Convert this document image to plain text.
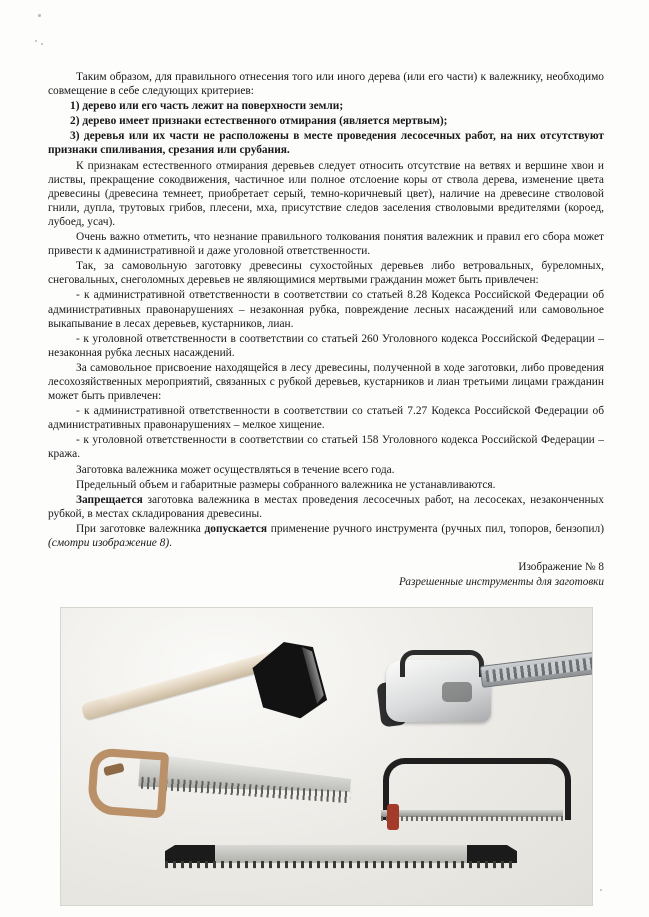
Таким образом, для правильного отнесения того или иного дерева (или его части) к валежнику, необходимо совмещение в себе следующих критериев:

1) дерево или его часть лежит на поверхности земли;

2) дерево имеет признаки естественного отмирания (является мертвым);

3) деревья или их части не расположены в месте проведения лесосечных работ, на них отсутствуют признаки спиливания, срезания или срубания.

К признакам естественного отмирания деревьев следует относить отсутствие на ветвях и вершине хвои и листвы, прекращение сокодвижения, частичное или полное отслоение коры от ствола дерева, изменение цвета древесины (древесина темнеет, приобретает серый, темно-коричневый цвет), наличие на древесине стволовой гнили, дупла, трутовых грибов, плесени, мха, присутствие следов заселения стволовыми вредителями (короед, лубоед, усач).

Очень важно отметить, что незнание правильного толкования понятия валежник и правил его сбора может привести к административной и даже уголовной ответственности.

Так, за самовольную заготовку древесины сухостойных деревьев либо ветровальных, буреломных, снеговальных, снеголомных деревьев не являющимися мертвыми гражданин может быть привлечен:

- к административной ответственности в соответствии со статьей 8.28 Кодекса Российской Федерации об административных правонарушениях – незаконная рубка, повреждение лесных насаждений или самовольное выкапывание в лесах деревьев, кустарников, лиан.

- к уголовной ответственности в соответствии со статьей 260 Уголовного кодекса Российской Федерации – незаконная рубка лесных насаждений.

За самовольное присвоение находящейся в лесу древесины, полученной в ходе заготовки, либо проведения лесохозяйственных мероприятий, связанных с рубкой деревьев, кустарников и лиан третьими лицами гражданин может быть привлечен:

- к административной ответственности в соответствии со статьей 7.27 Кодекса Российской Федерации об административных правонарушениях – мелкое хищение.

- к уголовной ответственности в соответствии со статьей 158 Уголовного кодекса Российской Федерации – кража.

Заготовка валежника может осуществляться в течение всего года.

Предельный объем и габаритные размеры собранного валежника не устанавливаются.

Запрещается заготовка валежника в местах проведения лесосечных работ, на лесосеках, незаконченных рубкой, в местах складирования древесины.

При заготовке валежника допускается применение ручного инструмента (ручных пил, топоров, бензопил) (смотри изображение 8).

Изображение № 8
Разрешенные инструменты для заготовки
